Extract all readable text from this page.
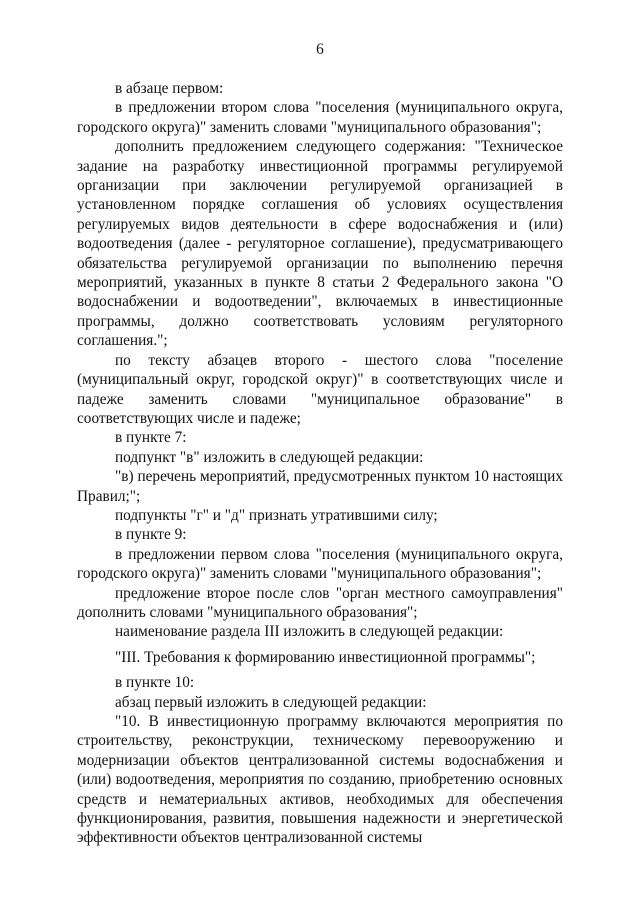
6

в абзаце первом:

в предложении втором слова "поселения (муниципального округа, городского округа)" заменить словами "муниципального образования";

дополнить предложением следующего содержания: "Техническое задание на разработку инвестиционной программы регулируемой организации при заключении регулируемой организацией в установленном порядке соглашения об условиях осуществления регулируемых видов деятельности в сфере водоснабжения и (или) водоотведения (далее - регуляторное соглашение), предусматривающего обязательства регулируемой организации по выполнению перечня мероприятий, указанных в пункте 8 статьи 2 Федерального закона "О водоснабжении и водоотведении", включаемых в инвестиционные программы, должно соответствовать условиям регуляторного соглашения.";

по тексту абзацев второго - шестого слова "поселение (муниципальный округ, городской округ)" в соответствующих числе и падеже заменить словами "муниципальное образование" в соответствующих числе и падеже;

в пункте 7:

подпункт "в" изложить в следующей редакции:

"в) перечень мероприятий, предусмотренных пунктом 10 настоящих Правил;";

подпункты "г" и "д" признать утратившими силу;

в пункте 9:

в предложении первом слова "поселения (муниципального округа, городского округа)" заменить словами "муниципального образования";

предложение второе после слов "орган местного самоуправления" дополнить словами "муниципального образования";

наименование раздела III изложить в следующей редакции:

"III. Требования к формированию инвестиционной программы";

в пункте 10:

абзац первый изложить в следующей редакции:

"10. В инвестиционную программу включаются мероприятия по строительству, реконструкции, техническому перевооружению и модернизации объектов централизованной системы водоснабжения и (или) водоотведения, мероприятия по созданию, приобретению основных средств и нематериальных активов, необходимых для обеспечения функционирования, развития, повышения надежности и энергетической эффективности объектов централизованной системы
